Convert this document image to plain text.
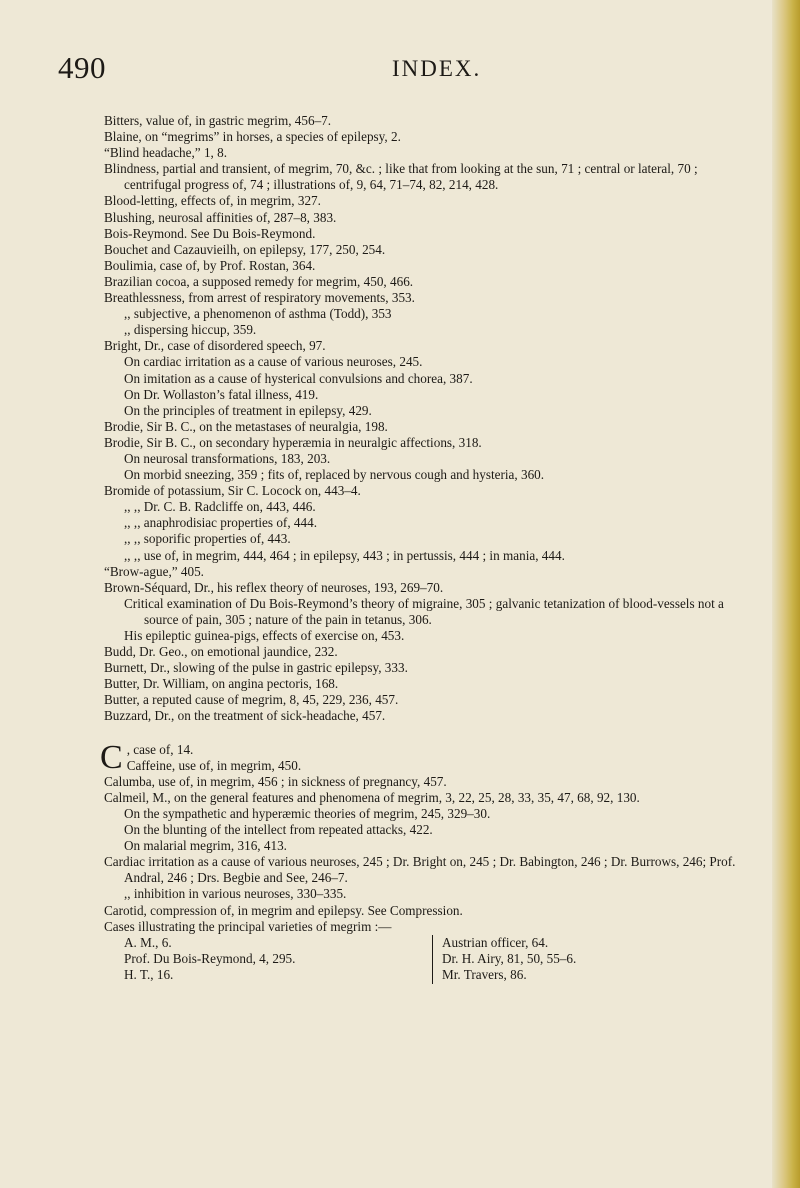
490	INDEX.

Bitters, value of, in gastric megrim, 456–7.

Blaine, on “megrims” in horses, a species of epilepsy, 2.

“Blind headache,” 1, 8.

Blindness, partial and transient, of megrim, 70, &c. ; like that from looking at the sun, 71 ; central or lateral, 70 ; centrifugal progress of, 74 ; illustrations of, 9, 64, 71–74, 82, 214, 428.

Blood-letting, effects of, in megrim, 327.

Blushing, neurosal affinities of, 287–8, 383.

Bois-Reymond. See Du Bois-Reymond.

Bouchet and Cazauvieilh, on epilepsy, 177, 250, 254.

Boulimia, case of, by Prof. Rostan, 364.

Brazilian cocoa, a supposed remedy for megrim, 450, 466.

Breathlessness, from arrest of respiratory movements, 353.

,, subjective, a phenomenon of asthma (Todd), 353

,, dispersing hiccup, 359.

Bright, Dr., case of disordered speech, 97.

On cardiac irritation as a cause of various neuroses, 245.

On imitation as a cause of hysterical convulsions and chorea, 387.

On Dr. Wollaston’s fatal illness, 419.

On the principles of treatment in epilepsy, 429.

Brodie, Sir B. C., on the metastases of neuralgia, 198.

Brodie, Sir B. C., on secondary hyperæmia in neuralgic affections, 318.

On neurosal transformations, 183, 203.

On morbid sneezing, 359 ; fits of, replaced by nervous cough and hysteria, 360.

Bromide of potassium, Sir C. Locock on, 443–4.

,, ,, Dr. C. B. Radcliffe on, 443, 446.

,, ,, anaphrodisiac properties of, 444.

,, ,, soporific properties of, 443.

,, ,, use of, in megrim, 444, 464 ; in epilepsy, 443 ; in pertussis, 444 ; in mania, 444.

“Brow-ague,” 405.

Brown-Séquard, Dr., his reflex theory of neuroses, 193, 269–70.

Critical examination of Du Bois-Reymond’s theory of migraine, 305 ; galvanic tetanization of blood-vessels not a source of pain, 305 ; nature of the pain in tetanus, 306.

His epileptic guinea-pigs, effects of exercise on, 453.

Budd, Dr. Geo., on emotional jaundice, 232.

Burnett, Dr., slowing of the pulse in gastric epilepsy, 333.

Butter, Dr. William, on angina pectoris, 168.

Butter, a reputed cause of megrim, 8, 45, 229, 236, 457.

Buzzard, Dr., on the treatment of sick-headache, 457.

C , case of, 14.

Caffeine, use of, in megrim, 450.

Calumba, use of, in megrim, 456 ; in sickness of pregnancy, 457.

Calmeil, M., on the general features and phenomena of megrim, 3, 22, 25, 28, 33, 35, 47, 68, 92, 130.

On the sympathetic and hyperæmic theories of megrim, 245, 329–30.

On the blunting of the intellect from repeated attacks, 422.

On malarial megrim, 316, 413.

Cardiac irritation as a cause of various neuroses, 245 ; Dr. Bright on, 245 ; Dr. Babington, 246 ; Dr. Burrows, 246; Prof. Andral, 246 ; Drs. Begbie and See, 246–7.

,, inhibition in various neuroses, 330–335.

Carotid, compression of, in megrim and epilepsy. See Compression.

Cases illustrating the principal varieties of megrim :—

A. M., 6.

Prof. Du Bois-Reymond, 4, 295.

H. T., 16.

Austrian officer, 64.

Dr. H. Airy, 81, 50, 55–6.

Mr. Travers, 86.
